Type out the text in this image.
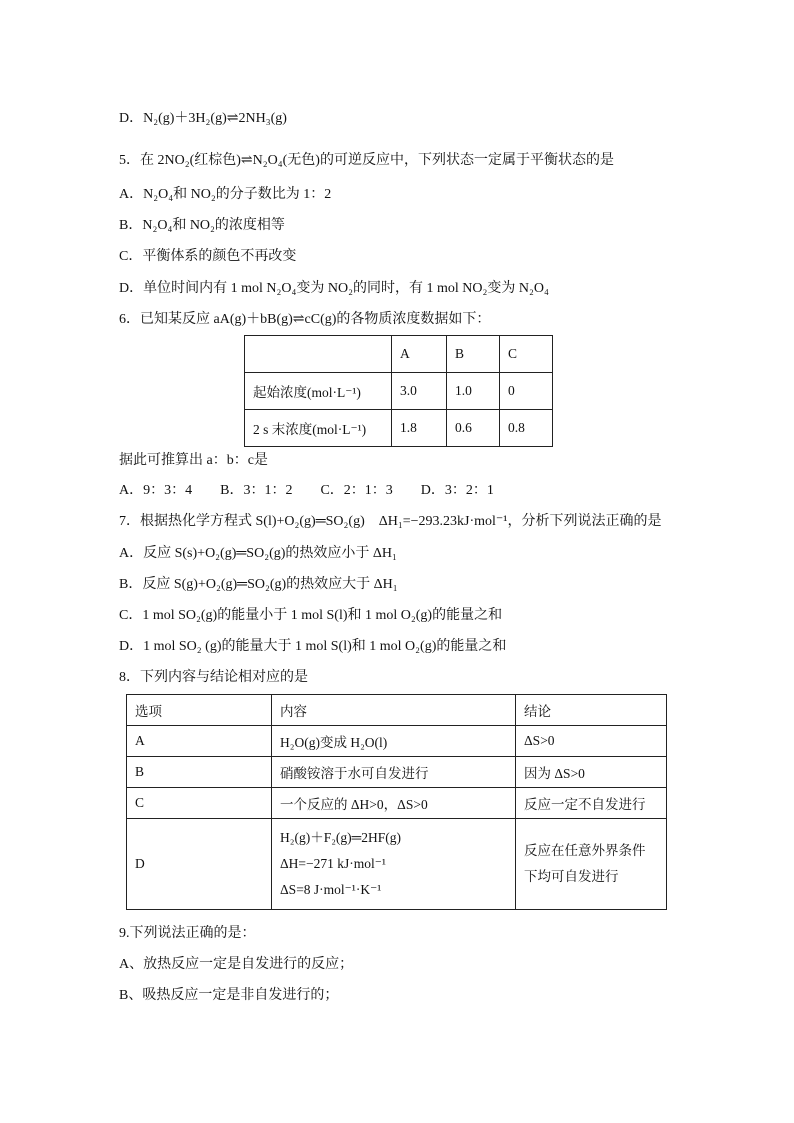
D．N₂(g)＋3H₂(g)⇌2NH₃(g)
5．在 2NO₂(红棕色)⇌N₂O₄(无色)的可逆反应中，下列状态一定属于平衡状态的是
A．N₂O₄和 NO₂的分子数比为 1：2
B．N₂O₄和 NO₂的浓度相等
C．平衡体系的颜色不再改变
D．单位时间内有 1 mol N₂O₄变为 NO₂的同时，有 1 mol NO₂变为 N₂O₄
6．已知某反应 aA(g)＋bB(g)⇌cC(g)的各物质浓度数据如下：
	A	B	C
起始浓度(mol·L⁻¹)	3.0	1.0	0
2 s 末浓度(mol·L⁻¹)	1.8	0.6	0.8
据此可推算出 a：b：c是
A．9：3：4　　B．3：1：2　　C．2：1：3　　D．3：2：1
7．根据热化学方程式 S(l)+O₂(g)═SO₂(g)　ΔH₁=−293.23kJ·mol⁻¹，分析下列说法正确的是
A．反应 S(s)+O₂(g)═SO₂(g)的热效应小于 ΔH₁
B．反应 S(g)+O₂(g)═SO₂(g)的热效应大于 ΔH₁
C．1 mol SO₂(g)的能量小于 1 mol S(l)和 1 mol O₂(g)的能量之和
D．1 mol SO₂ (g)的能量大于 1 mol S(l)和 1 mol O₂(g)的能量之和
8．下列内容与结论相对应的是
选项	内容	结论
A	H₂O(g)变成 H₂O(l)	ΔS>0
B	硝酸铵溶于水可自发进行	因为 ΔS>0
C	一个反应的 ΔH>0，ΔS>0	反应一定不自发进行
D	H₂(g)＋F₂(g)═2HF(g)
ΔH=−271 kJ·mol⁻¹
ΔS=8 J·mol⁻¹·K⁻¹	反应在任意外界条件
下均可自发进行
9.下列说法正确的是：
A、放热反应一定是自发进行的反应；
B、吸热反应一定是非自发进行的；
